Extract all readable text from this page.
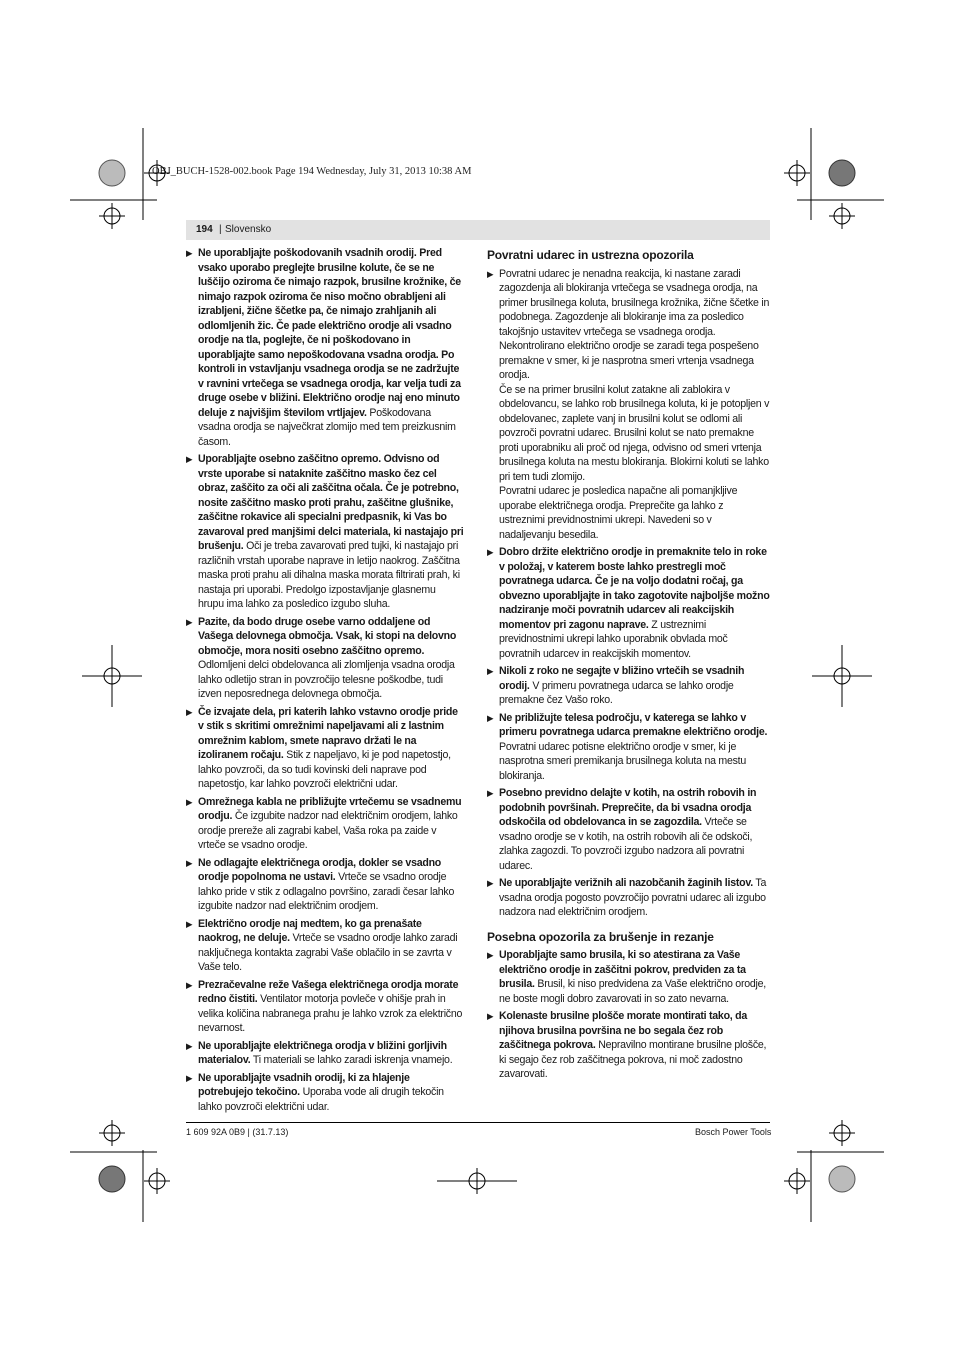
OBJ_BUCH-1528-002.book Page 194 Wednesday, July 31, 2013 10:38 AM
194 | Slovensko
▶ Ne uporabljajte poškodovanih vsadnih orodij. Pred vsako uporabo preglejte brusilne kolute, če se ne luščijo oziroma če nimajo razpok, brusilne krožnike, če nimajo razpok oziroma če niso močno obrabljeni ali izrabljeni, žične ščetke pa, če nimajo zrahljanih ali odlomljenih žic. Če pade električno orodje ali vsadno orodje na tla, poglejte, če ni poškodovano in uporabljajte samo nepoškodovana vsadna orodja. Po kontroli in vstavljanju vsadnega orodja se ne zadržujte v ravnini vrtečega se vsadnega orodja, kar velja tudi za druge osebe v bližini. Električno orodje naj eno minuto deluje z najvišjim številom vrtljajev. Poškodovana vsadna orodja se največkrat zlomijo med tem preizkusnim časom.

▶ Uporabljajte osebno zaščitno opremo. Odvisno od vrste uporabe si nataknite zaščitno masko čez cel obraz, zaščito za oči ali zaščitna očala. Če je potrebno, nosite zaščitno masko proti prahu, zaščitne glušnike, zaščitne rokavice ali specialni predpasnik, ki Vas bo zavaroval pred manjšimi delci materiala, ki nastajajo pri brušenju. Oči je treba zavarovati pred tujki, ki nastajajo pri različnih vrstah uporabe naprave in letijo naokrog. Zaščitna maska proti prahu ali dihalna maska morata filtrirati prah, ki nastaja pri uporabi. Predolgo izpostavljanje glasnemu hrupu ima lahko za posledico izgubo sluha.

▶ Pazite, da bodo druge osebe varno oddaljene od Vašega delovnega območja. Vsak, ki stopi na delovno območje, mora nositi osebno zaščitno opremo. Odlomljeni delci obdelovanca ali zlomljenja vsadna orodja lahko odletijo stran in povzročijo telesne poškodbe, tudi izven neposrednega delovnega območja.

▶ Če izvajate dela, pri katerih lahko vstavno orodje pride v stik s skritimi omrežnimi napeljavami ali z lastnim omrežnim kablom, smete napravo držati le na izoliranem ročaju. Stik z napeljavo, ki je pod napetostjo, lahko povzroči, da so tudi kovinski deli naprave pod napetostjo, kar lahko povzroči električni udar.

▶ Omrežnega kabla ne približujte vrtečemu se vsadnemu orodju. Če izgubite nadzor nad električnim orodjem, lahko orodje prereže ali zagrabi kabel, Vaša roka pa zaide v vrteče se vsadno orodje.

▶ Ne odlagajte električnega orodja, dokler se vsadno orodje popolnoma ne ustavi. Vrteče se vsadno orodje lahko pride v stik z odlagalno površino, zaradi česar lahko izgubite nadzor nad električnim orodjem.

▶ Električno orodje naj medtem, ko ga prenašate naokrog, ne deluje. Vrteče se vsadno orodje lahko zaradi naključnega kontakta zagrabi Vaše oblačilo in se zavrta v Vaše telo.

▶ Prezračevalne reže Vašega električnega orodja morate redno čistiti. Ventilator motorja povleče v ohišje prah in velika količina nabranega prahu je lahko vzrok za električno nevarnost.

▶ Ne uporabljajte električnega orodja v bližini gorljivih materialov. Ti materiali se lahko zaradi iskrenja vnamejo.

▶ Ne uporabljajte vsadnih orodij, ki za hlajenje potrebujejo tekočino. Uporaba vode ali drugih tekočin lahko povzroči električni udar.

Povratni udarec in ustrezna opozorila
▶ Povratni udarec je nenadna reakcija, ki nastane zaradi zagozdenja ali blokiranja vrtečega se vsadnega orodja, na primer brusilnega koluta, brusilnega krožnika, žične ščetke in podobnega. Zagozdenje ali blokiranje ima za posledico takojšnjo ustavitev vrtečega se vsadnega orodja. Nekontrolirano električno orodje se zaradi tega pospešeno premakne v smer, ki je nasprotna smeri vrtenja vsadnega orodja.

Če se na primer brusilni kolut zatakne ali zablokira v obdelovancu, se lahko rob brusilnega koluta, ki je potopljen v obdelovanec, zaplete vanj in brusilni kolut se odlomi ali povzroči povratni udarec. Brusilni kolut se nato premakne proti uporabniku ali proč od njega, odvisno od smeri vrtenja brusilnega koluta na mestu blokiranja. Blokirni koluti se lahko pri tem tudi zlomijo.

Povratni udarec je posledica napačne ali pomanjkljive uporabe električnega orodja. Preprečite ga lahko z ustreznimi previdnostnimi ukrepi. Navedeni so v nadaljevanju besedila.

▶ Dobro držite električno orodje in premaknite telo in roke v položaj, v katerem boste lahko prestregli moč povratnega udarca. Če je na voljo dodatni ročaj, ga obvezno uporabljajte in tako zagotovite najboljše možno nadziranje moči povratnih udarcev ali reakcijskih momentov pri zagonu naprave. Z ustreznimi previdnostnimi ukrepi lahko uporabnik obvlada moč povratnih udarcev in reakcijskih momentov.

▶ Nikoli z roko ne segajte v bližino vrtečih se vsadnih orodij. V primeru povratnega udarca se lahko orodje premakne čez Vašo roko.

▶ Ne približujte telesa področju, v katerega se lahko v primeru povratnega udarca premakne električno orodje. Povratni udarec potisne električno orodje v smer, ki je nasprotna smeri premikanja brusilnega koluta na mestu blokiranja.

▶ Posebno previdno delajte v kotih, na ostrih robovih in podobnih površinah. Preprečite, da bi vsadna orodja odskočila od obdelovanca in se zagozdila. Vrteče se vsadno orodje se v kotih, na ostrih robovih ali če odskoči, zlahka zagozdi. To povzroči izgubo nadzora ali povratni udarec.

▶ Ne uporabljajte verižnih ali nazobčanih žaginih listov. Ta vsadna orodja pogosto povzročijo povratni udarec ali izgubo nadzora nad električnim orodjem.

Posebna opozorila za brušenje in rezanje
▶ Uporabljajte samo brusila, ki so atestirana za Vaše električno orodje in zaščitni pokrov, predviden za ta brusila. Brusil, ki niso predvidena za Vaše električno orodje, ne boste mogli dobro zavarovati in so zato nevarna.

▶ Kolenaste brusilne plošče morate montirati tako, da njihova brusilna površina ne bo segala čez rob zaščitnega pokrova. Nepravilno montirane brusilne plošče, ki segajo čez rob zaščitnega pokrova, ni moč zadostno zavarovati.

1 609 92A 0B9 | (31.7.13)	Bosch Power Tools
